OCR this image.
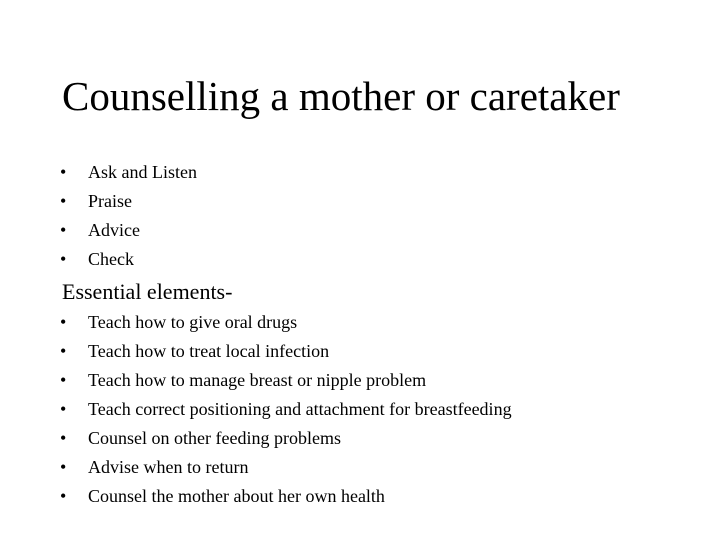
Counselling a mother or caretaker
• Ask and Listen
• Praise
• Advice
• Check
Essential elements-
• Teach how to give oral drugs
• Teach how to treat local infection
• Teach how to manage breast or nipple problem
• Teach correct positioning and attachment for breastfeeding
• Counsel on other feeding problems
• Advise when to return
• Counsel the mother about her own health
